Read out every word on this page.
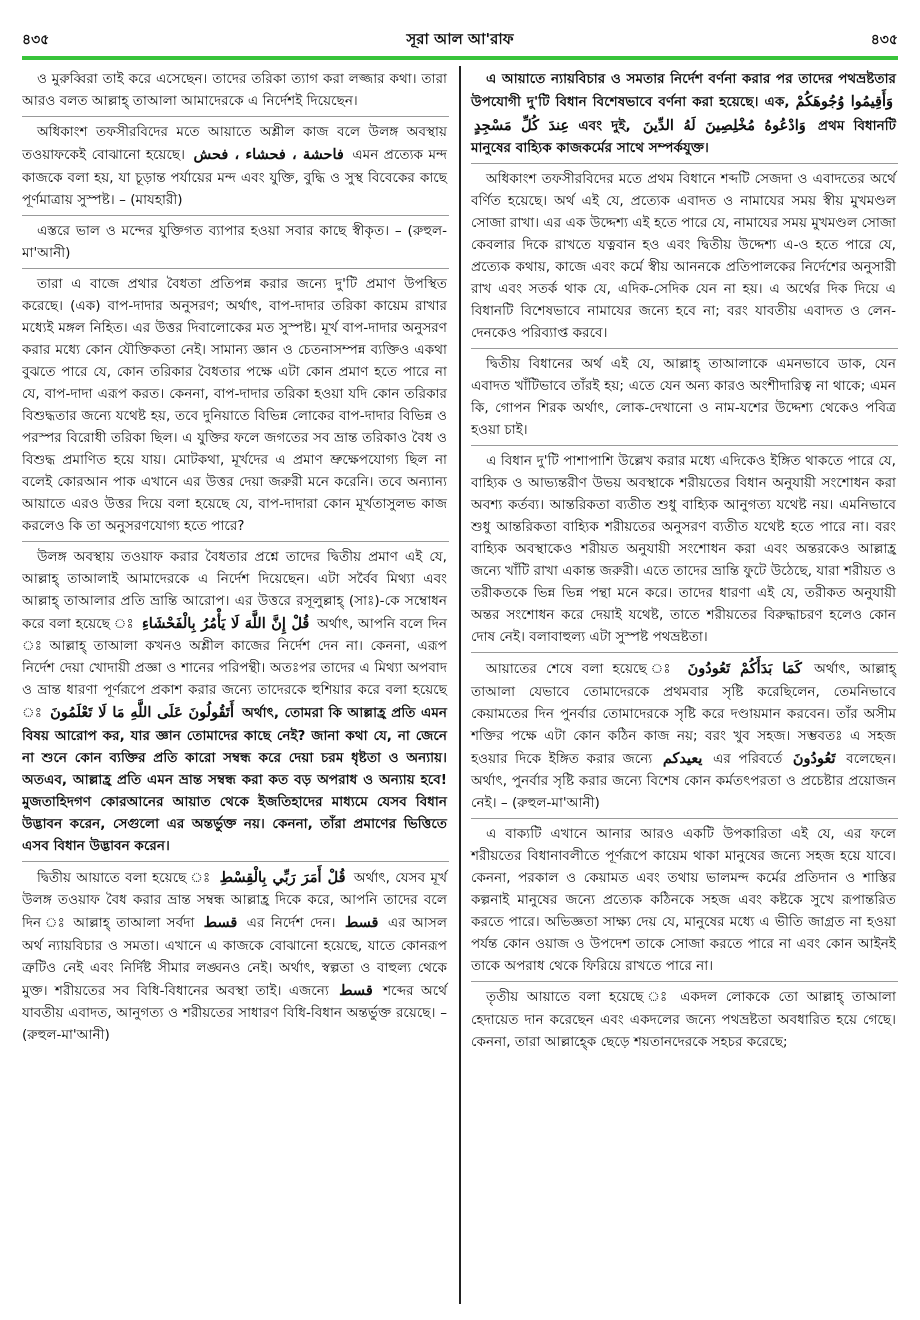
৪৩৫	সূরা আল আ'রাফ	৪৩৫

ও মুরুব্বিরা তাই করে এসেছেন। তাদের তরিকা ত্যাগ করা লজ্জার কথা। তারা আরও বলত আল্লাহ্ তাআলা আমাদেরকে এ নির্দেশই দিয়েছেন।

অধিকাংশ তফসীরবিদের মতে আয়াতে অশ্লীল কাজ বলে উলঙ্গ অবস্থায় তওয়াফকেই বোঝানো হয়েছে। فاحشة ، فحشاء ، فحش এমন প্রত্যেক মন্দ কাজকে বলা হয়, যা চূড়ান্ত পর্যায়ের মন্দ এবং যুক্তি, বুদ্ধি ও সুস্থ বিবেকের কাছে পূর্ণমাত্রায় সুস্পষ্ট। – (মাযহারী)

এস্তরে ভাল ও মন্দের যুক্তিগত ব্যাপার হওয়া সবার কাছে স্বীকৃত। – (রুহুল-মা'আনী)

তারা এ বাজে প্রথার বৈধতা প্রতিপন্ন করার জন্যে দু'টি প্রমাণ উপস্থিত করেছে। (এক) বাপ-দাদার অনুসরণ; অর্থাৎ, বাপ-দাদার তরিকা কায়েম রাখার মধ্যেই মঙ্গল নিহিত। এর উত্তর দিবালোকের মত সুস্পষ্ট। মূর্খ বাপ-দাদার অনুসরণ করার মধ্যে কোন যৌক্তিকতা নেই। সামান্য জ্ঞান ও চেতনাসম্পন্ন ব্যক্তিও একথা বুঝতে পারে যে, কোন তরিকার বৈধতার পক্ষে এটা কোন প্রমাণ হতে পারে না যে, বাপ-দাদা এরূপ করত। কেননা, বাপ-দাদার তরিকা হওয়া যদি কোন তরিকার বিশুদ্ধতার জন্যে যথেষ্ট হয়, তবে দুনিয়াতে বিভিন্ন লোকের বাপ-দাদার বিভিন্ন ও পরস্পর বিরোধী তরিকা ছিল। এ যুক্তির ফলে জগতের সব ভ্রান্ত তরিকাও বৈধ ও বিশুদ্ধ প্রমাণিত হয়ে যায়। মোটকথা, মূর্খদের এ প্রমাণ ভ্রুক্ষেপযোগ্য ছিল না বলেই কোরআন পাক এখানে এর উত্তর দেয়া জরুরী মনে করেনি। তবে অন্যান্য আয়াতে এরও উত্তর দিয়ে বলা হয়েছে যে, বাপ-দাদারা কোন মূর্খতাসুলভ কাজ করলেও কি তা অনুসরণযোগ্য হতে পারে?

উলঙ্গ অবস্থায় তওয়াফ করার বৈধতার প্রশ্নে তাদের দ্বিতীয় প্রমাণ এই যে, আল্লাহ্ তাআলাই আমাদেরকে এ নির্দেশ দিয়েছেন। এটা সর্বৈব মিথ্যা এবং আল্লাহ্ তাআলার প্রতি ভ্রান্তি আরোপ। এর উত্তরে রসূলুল্লাহ্ (সাঃ)-কে সম্বোধন করে বলা হয়েছে ঃ قُلْ إِنَّ اللَّهَ لَا يَأْمُرُ بِالْفَحْشَاءِ অর্থাৎ, আপনি বলে দিন ঃ আল্লাহ্ তাআলা কখনও অশ্লীল কাজের নির্দেশ দেন না। কেননা, এরূপ নির্দেশ দেয়া খোদায়ী প্রজ্ঞা ও শানের পরিপন্থী। অতঃপর তাদের এ মিথ্যা অপবাদ ও ভ্রান্ত ধারণা পূর্ণরূপে প্রকাশ করার জন্যে তাদেরকে হুশিয়ার করে বলা হয়েছে ঃ أَتَقُولُونَ عَلَى اللَّهِ مَا لَا تَعْلَمُونَ অর্থাৎ, তোমরা কি আল্লাহ্র প্রতি এমন বিষয় আরোপ কর, যার জ্ঞান তোমাদের কাছে নেই? জানা কথা যে, না জেনে না শুনে কোন ব্যক্তির প্রতি কারো সম্বন্ধ করে দেয়া চরম ধৃষ্টতা ও অন্যায়। অতএব, আল্লাহ্র প্রতি এমন ভ্রান্ত সম্বন্ধ করা কত বড় অপরাধ ও অন্যায় হবে! মুজতাহিদগণ কোরআনের আয়াত থেকে ইজতিহাদের মাধ্যমে যেসব বিধান উদ্ভাবন করেন, সেগুলো এর অন্তর্ভুক্ত নয়। কেননা, তাঁরা প্রমাণের ভিত্তিতে এসব বিধান উদ্ভাবন করেন।

দ্বিতীয় আয়াতে বলা হয়েছে ঃ قُلْ أَمَرَ رَبِّي بِالْقِسْطِ অর্থাৎ, যেসব মূর্খ উলঙ্গ তওয়াফ বৈধ করার ভ্রান্ত সম্বন্ধ আল্লাহ্র দিকে করে, আপনি তাদের বলে দিন ঃ আল্লাহ্ তাআলা সর্বদা قسط এর নির্দেশ দেন। قسط এর আসল অর্থ ন্যায়বিচার ও সমতা। এখানে এ কাজকে বোঝানো হয়েছে, যাতে কোনরূপ ত্রুটিও নেই এবং নির্দিষ্ট সীমার লঙ্ঘনও নেই। অর্থাৎ, স্বল্পতা ও বাহুল্য থেকে মুক্ত। শরীয়তের সব বিধি-বিধানের অবস্থা তাই। এজন্যে قسط শব্দের অর্থে যাবতীয় এবাদত, আনুগত্য ও শরীয়তের সাধারণ বিধি-বিধান অন্তর্ভুক্ত রয়েছে। – (রুহুল-মা'আনী)

এ আয়াতে ন্যায়বিচার ও সমতার নির্দেশ বর্ণনা করার পর তাদের পথভ্রষ্টতার উপযোগী দু'টি বিধান বিশেষভাবে বর্ণনা করা হয়েছে। এক, وَأَقِيمُوا وُجُوهَكُمْ عِندَ كُلِّ مَسْجِدٍ এবং দুই, وَادْعُوهُ مُخْلِصِينَ لَهُ الدِّينَ প্রথম বিধানটি মানুষের বাহ্যিক কাজকর্মের সাথে সম্পর্কযুক্ত।

অধিকাংশ তফসীরবিদের মতে প্রথম বিধানে শব্দটি সেজদা ও এবাদতের অর্থে বর্ণিত হয়েছে। অর্থ এই যে, প্রত্যেক এবাদত ও নামাযের সময় স্বীয় মুখমণ্ডল সোজা রাখা। এর এক উদ্দেশ্য এই হতে পারে যে, নামাযের সময় মুখমণ্ডল সোজা কেবলার দিকে রাখতে যত্নবান হও এবং দ্বিতীয় উদ্দেশ্য এ-ও হতে পারে যে, প্রত্যেক কথায়, কাজে এবং কর্মে স্বীয় আননকে প্রতিপালকের নির্দেশের অনুসারী রাখ এবং সতর্ক থাক যে, এদিক-সেদিক যেন না হয়। এ অর্থের দিক দিয়ে এ বিধানটি বিশেষভাবে নামাযের জন্যে হবে না; বরং যাবতীয় এবাদত ও লেন-দেনকেও পরিব্যাপ্ত করবে।

দ্বিতীয় বিধানের অর্থ এই যে, আল্লাহ্ তাআলাকে এমনভাবে ডাক, যেন এবাদত খাঁটিভাবে তাঁরই হয়; এতে যেন অন্য কারও অংশীদারিত্ব না থাকে; এমন কি, গোপন শিরক অর্থাৎ, লোক-দেখানো ও নাম-যশের উদ্দেশ্য থেকেও পবিত্র হওয়া চাই।

এ বিধান দু'টি পাশাপাশি উল্লেখ করার মধ্যে এদিকেও ইঙ্গিত থাকতে পারে যে, বাহ্যিক ও আভ্যন্তরীণ উভয় অবস্থাকে শরীয়তের বিধান অনুযায়ী সংশোধন করা অবশ্য কর্তব্য। আন্তরিকতা ব্যতীত শুধু বাহ্যিক আনুগত্য যথেষ্ট নয়। এমনিভাবে শুধু আন্তরিকতা বাহ্যিক শরীয়তের অনুসরণ ব্যতীত যথেষ্ট হতে পারে না। বরং বাহ্যিক অবস্থাকেও শরীয়ত অনুযায়ী সংশোধন করা এবং অন্তরকেও আল্লাহ্র জন্যে খাঁটি রাখা একান্ত জরুরী। এতে তাদের ভ্রান্তি ফুটে উঠেছে, যারা শরীয়ত ও তরীকতকে ভিন্ন ভিন্ন পন্থা মনে করে। তাদের ধারণা এই যে, তরীকত অনুযায়ী অন্তর সংশোধন করে দেয়াই যথেষ্ট, তাতে শরীয়তের বিরুদ্ধাচরণ হলেও কোন দোষ নেই। বলাবাহুল্য এটা সুস্পষ্ট পথভ্রষ্টতা।

আয়াতের শেষে বলা হয়েছে ঃ كَمَا بَدَأَكُمْ تَعُودُونَ অর্থাৎ, আল্লাহ্ তাআলা যেভাবে তোমাদেরকে প্রথমবার সৃষ্টি করেছিলেন, তেমনিভাবে কেয়ামতের দিন পুনর্বার তোমাদেরকে সৃষ্টি করে দণ্ডায়মান করবেন। তাঁর অসীম শক্তির পক্ষে এটা কোন কঠিন কাজ নয়; বরং খুব সহজ। সম্ভবতঃ এ সহজ হওয়ার দিকে ইঙ্গিত করার জন্যে يعيدكم এর পরিবর্তে تَعُودُونَ বলেছেন। অর্থাৎ, পুনর্বার সৃষ্টি করার জন্যে বিশেষ কোন কর্মতৎপরতা ও প্রচেষ্টার প্রয়োজন নেই। – (রুহুল-মা'আনী)

এ বাক্যটি এখানে আনার আরও একটি উপকারিতা এই যে, এর ফলে শরীয়তের বিধানাবলীতে পূর্ণরূপে কায়েম থাকা মানুষের জন্যে সহজ হয়ে যাবে। কেননা, পরকাল ও কেয়ামত এবং তথায় ভালমন্দ কর্মের প্রতিদান ও শাস্তির কল্পনাই মানুষের জন্যে প্রত্যেক কঠিনকে সহজ এবং কষ্টকে সুখে রূপান্তরিত করতে পারে। অভিজ্ঞতা সাক্ষ্য দেয় যে, মানুষের মধ্যে এ ভীতি জাগ্রত না হওয়া পর্যন্ত কোন ওয়াজ ও উপদেশ তাকে সোজা করতে পারে না এবং কোন আইনই তাকে অপরাধ থেকে ফিরিয়ে রাখতে পারে না।

তৃতীয় আয়াতে বলা হয়েছে ঃ একদল লোককে তো আল্লাহ্ তাআলা হেদায়েত দান করেছেন এবং একদলের জন্যে পথভ্রষ্টতা অবধারিত হয়ে গেছে। কেননা, তারা আল্লাহ্কে ছেড়ে শয়তানদেরকে সহচর করেছে;
